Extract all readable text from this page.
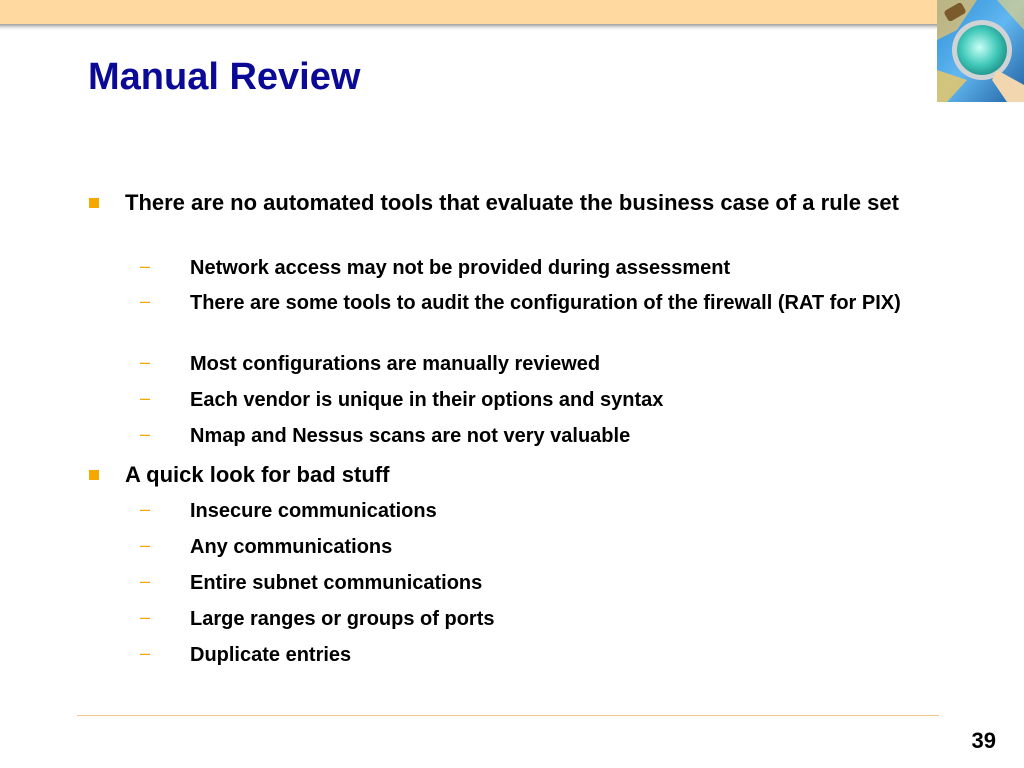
Manual Review
There are no automated tools that evaluate the business case of a rule set
– Network access may not be provided during assessment
– There are some tools to audit the configuration of the firewall (RAT for PIX)
– Most configurations are manually reviewed
– Each vendor is unique in their options and syntax
– Nmap and Nessus scans are not very valuable
A quick look for bad stuff
– Insecure communications
– Any communications
– Entire subnet communications
– Large ranges or groups of ports
– Duplicate entries
39
